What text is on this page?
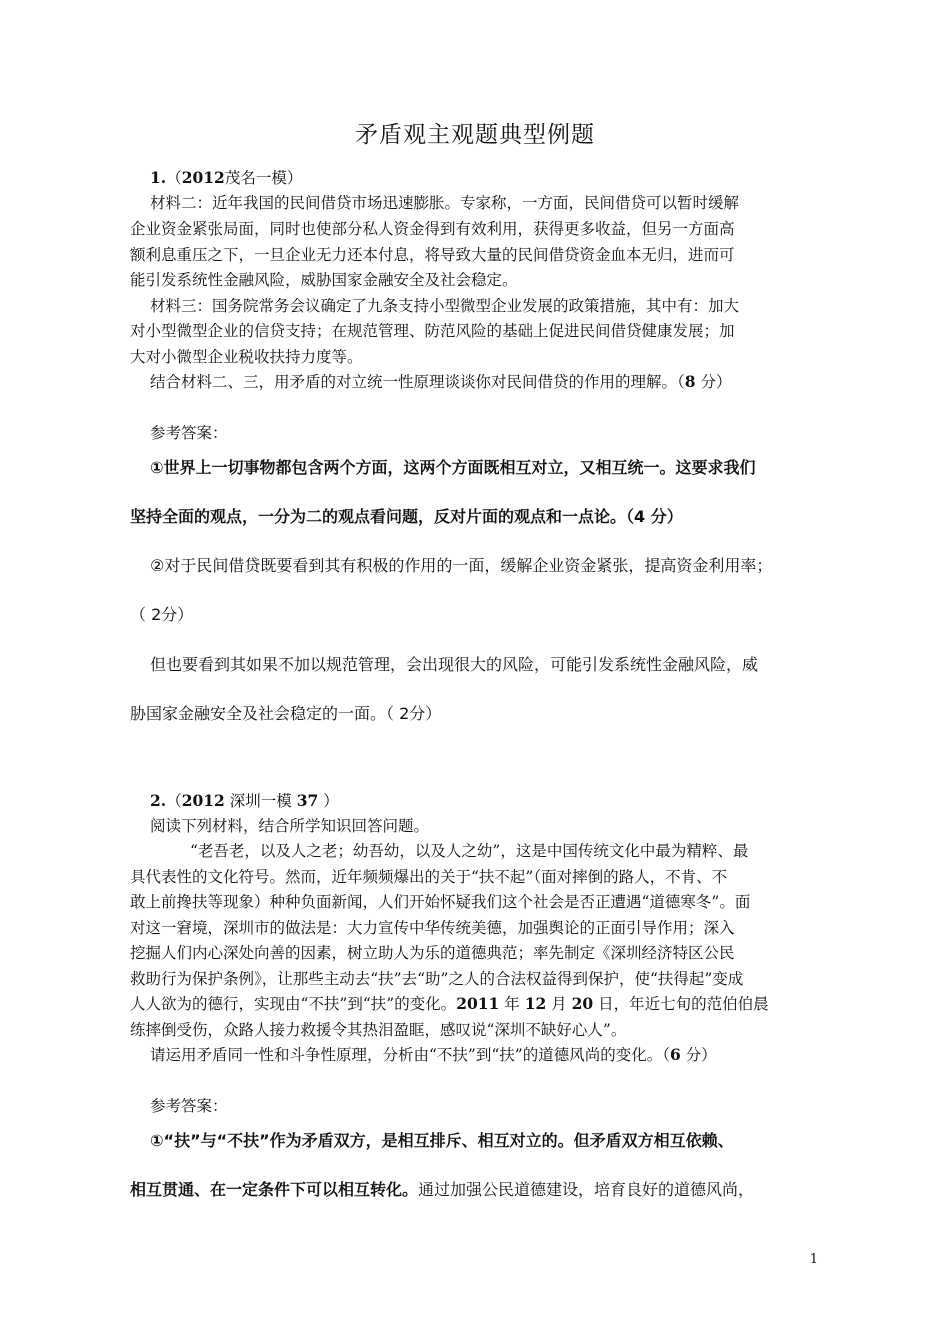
矛盾观主观题典型例题
1.（2012茂名一模）
材料二：近年我国的民间借贷市场迅速膨胀。专家称，一方面，民间借贷可以暂时缓解
企业资金紧张局面，同时也使部分私人资金得到有效利用，获得更多收益，但另一方面高
额利息重压之下，一旦企业无力还本付息，将导致大量的民间借贷资金血本无归，进而可
能引发系统性金融风险，威胁国家金融安全及社会稳定。
材料三：国务院常务会议确定了九条支持小型微型企业发展的政策措施，其中有：加大
对小型微型企业的信贷支持；在规范管理、防范风险的基础上促进民间借贷健康发展；加
大对小微型企业税收扶持力度等。
结合材料二、三，用矛盾的对立统一性原理谈谈你对民间借贷的作用的理解。（8 分）
参考答案：
①世界上一切事物都包含两个方面，这两个方面既相互对立，又相互统一。这要求我们
坚持全面的观点，一分为二的观点看问题，反对片面的观点和一点论。（4 分）
②对于民间借贷既要看到其有积极的作用的一面，缓解企业资金紧张，提高资金利用率；
（ 2分）
但也要看到其如果不加以规范管理，会出现很大的风险，可能引发系统性金融风险，威
胁国家金融安全及社会稳定的一面。（ 2分）
2.（2012 深圳一模 37 ）
阅读下列材料，结合所学知识回答问题。
“老吾老，以及人之老；幼吾幼，以及人之幼”，这是中国传统文化中最为精粹、最
具代表性的文化符号。然而，近年频频爆出的关于“扶不起”（面对摔倒的路人，不肯、不
敢上前搀扶等现象）种种负面新闻，人们开始怀疑我们这个社会是否正遭遇“道德寒冬”。面
对这一窘境，深圳市的做法是：大力宣传中华传统美德，加强舆论的正面引导作用；深入
挖掘人们内心深处向善的因素，树立助人为乐的道德典范；率先制定《深圳经济特区公民
救助行为保护条例》，让那些主动去“扶”去“助”之人的合法权益得到保护，使“扶得起”变成
人人欲为的德行，实现由“不扶”到“扶”的变化。2011 年 12 月 20 日，年近七旬的范伯伯晨
练摔倒受伤，众路人接力救援令其热泪盈眶，感叹说“深圳不缺好心人”。
请运用矛盾同一性和斗争性原理，分析由“不扶”到“扶”的道德风尚的变化。（6 分）
参考答案：
①“扶”与“不扶”作为矛盾双方，是相互排斥、相互对立的。但矛盾双方相互依赖、
相互贯通、在一定条件下可以相互转化。通过加强公民道德建设，培育良好的道德风尚，
1
